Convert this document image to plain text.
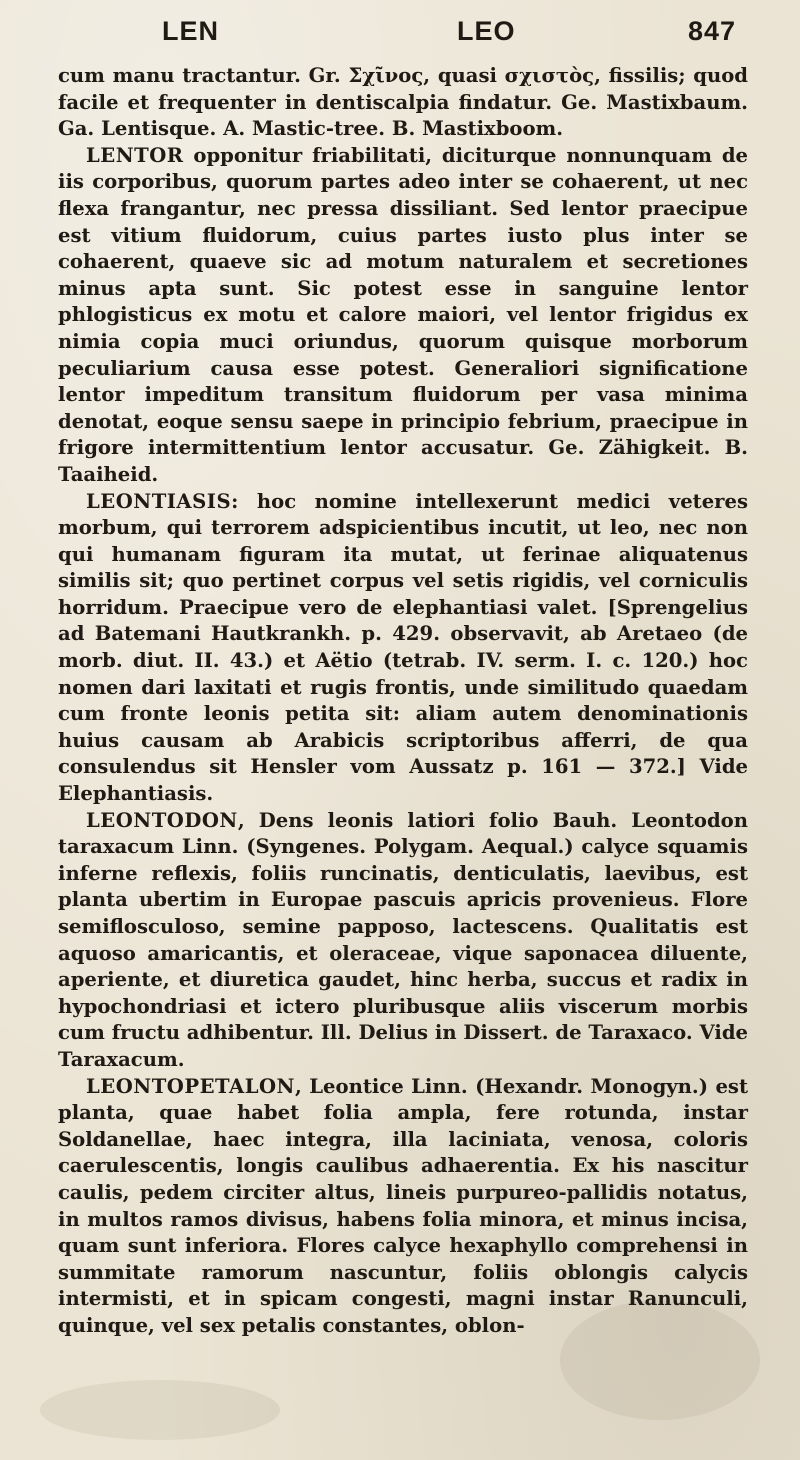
LEN	LEO	847

cum manu tractantur. Gr. Σχῖνος, quasi σχιστὸς, fissilis; quod facile et frequenter in dentiscalpia findatur. Ge. Mastixbaum. Ga. Lentisque. A. Mastic-tree. B. Mastixboom.

LENTOR opponitur friabilitati, diciturque nonnunquam de iis corporibus, quorum partes adeo inter se cohaerent, ut nec flexa frangantur, nec pressa dissiliant. Sed lentor praecipue est vitium fluidorum, cuius partes iusto plus inter se cohaerent, quaeve sic ad motum naturalem et secretiones minus apta sunt. Sic potest esse in sanguine lentor phlogisticus ex motu et calore maiori, vel lentor frigidus ex nimia copia muci oriundus, quorum quisque morborum peculiarium causa esse potest. Generaliori significatione lentor impeditum transitum fluidorum per vasa minima denotat, eoque sensu saepe in principio febrium, praecipue in frigore intermittentium lentor accusatur. Ge. Zähigkeit. B. Taaiheid.

LEONTIASIS: hoc nomine intellexerunt medici veteres morbum, qui terrorem adspicientibus incutit, ut leo, nec non qui humanam figuram ita mutat, ut ferinae aliquatenus similis sit; quo pertinet corpus vel setis rigidis, vel corniculis horridum. Praecipue vero de elephantiasi valet. [Sprengelius ad Batemani Hautkrankh. p. 429. observavit, ab Aretaeo (de morb. diut. II. 43.) et Aëtio (tetrab. IV. serm. I. c. 120.) hoc nomen dari laxitati et rugis frontis, unde similitudo quaedam cum fronte leonis petita sit: aliam autem denominationis huius causam ab Arabicis scriptoribus afferri, de qua consulendus sit Hensler vom Aussatz p. 161 — 372.] Vide Elephantiasis.

LEONTODON, Dens leonis latiori folio Bauh. Leontodon taraxacum Linn. (Syngenes. Polygam. Aequal.) calyce squamis inferne reflexis, foliis runcinatis, denticulatis, laevibus, est planta ubertim in Europae pascuis apricis provenieus. Flore semiflosculoso, semine papposo, lactescens. Qualitatis est aquoso amaricantis, et oleraceae, vique saponacea diluente, aperiente, et diuretica gaudet, hinc herba, succus et radix in hypochondriasi et ictero pluribusque aliis viscerum morbis cum fructu adhibentur. Ill. Delius in Dissert. de Taraxaco. Vide Taraxacum.

LEONTOPETALON, Leontice Linn. (Hexandr. Monogyn.) est planta, quae habet folia ampla, fere rotunda, instar Soldanellae, haec integra, illa laciniata, venosa, coloris caerulescentis, longis caulibus adhaerentia. Ex his nascitur caulis, pedem circiter altus, lineis purpureo-pallidis notatus, in multos ramos divisus, habens folia minora, et minus incisa, quam sunt inferiora. Flores calyce hexaphyllo comprehensi in summitate ramorum nascuntur, foliis oblongis calycis intermisti, et in spicam congesti, magni instar Ranunculi, quinque, vel sex petalis constantes, oblon-
